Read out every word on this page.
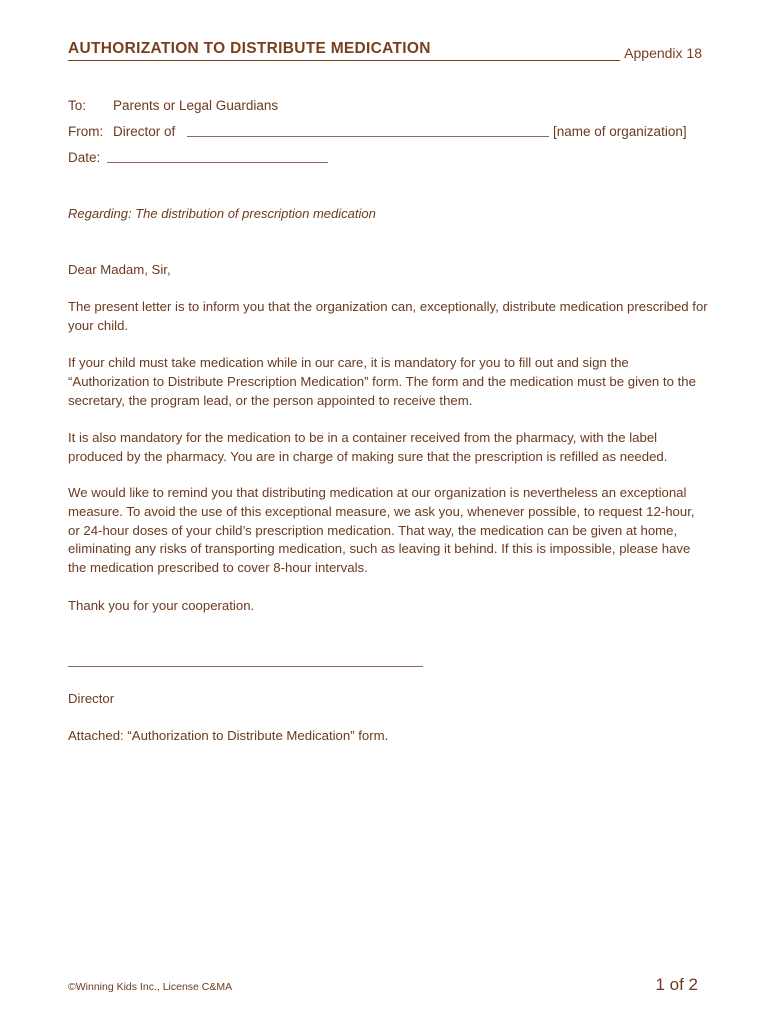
AUTHORIZATION TO DISTRIBUTE MEDICATION	Appendix 18
To: Parents or Legal Guardians
From: Director of	[name of organization]
Date:
Regarding: The distribution of prescription medication
Dear Madam, Sir,
The present letter is to inform you that the organization can, exceptionally, distribute medication prescribed for your child.
If your child must take medication while in our care, it is mandatory for you to fill out and sign the “Authorization to Distribute Prescription Medication” form. The form and the medication must be given to the secretary, the program lead, or the person appointed to receive them.
It is also mandatory for the medication to be in a container received from the pharmacy, with the label produced by the pharmacy. You are in charge of making sure that the prescription is refilled as needed.
We would like to remind you that distributing medication at our organization is nevertheless an exceptional measure. To avoid the use of this exceptional measure, we ask you, whenever possible, to request 12-hour, or 24-hour doses of your child’s prescription medication. That way, the medication can be given at home, eliminating any risks of transporting medication, such as leaving it behind. If this is impossible, please have the medication prescribed to cover 8-hour intervals.
Thank you for your cooperation.
Director
Attached: “Authorization to Distribute Medication” form.
©Winning Kids Inc., License C&MA	1 of 2
